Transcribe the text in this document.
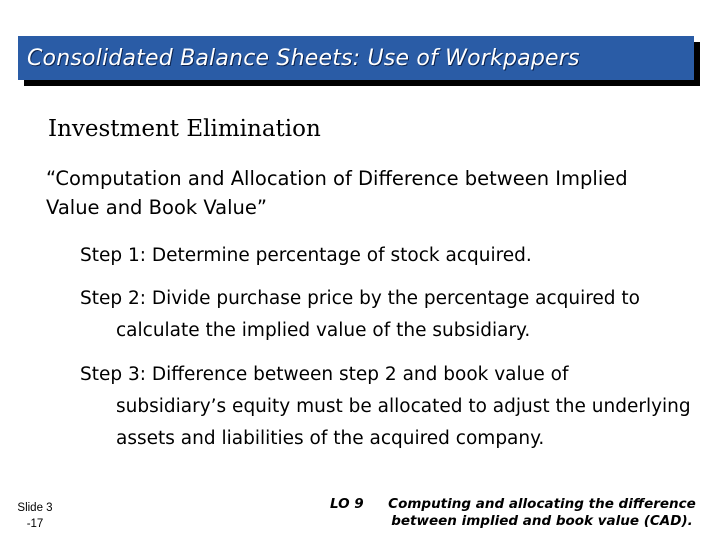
Consolidated Balance Sheets: Use of Workpapers
Investment Elimination
“Computation and Allocation of Difference between Implied Value and Book Value”
Step 1: Determine percentage of stock acquired.
Step 2: Divide purchase price by the percentage acquired to
calculate the implied value of the subsidiary.
Step 3: Difference between step 2 and book value of
subsidiary’s equity must be allocated to adjust the underlying assets and liabilities of the acquired company.
Slide 3
-17
LO 9 Computing and allocating the difference between implied and book value (CAD).
